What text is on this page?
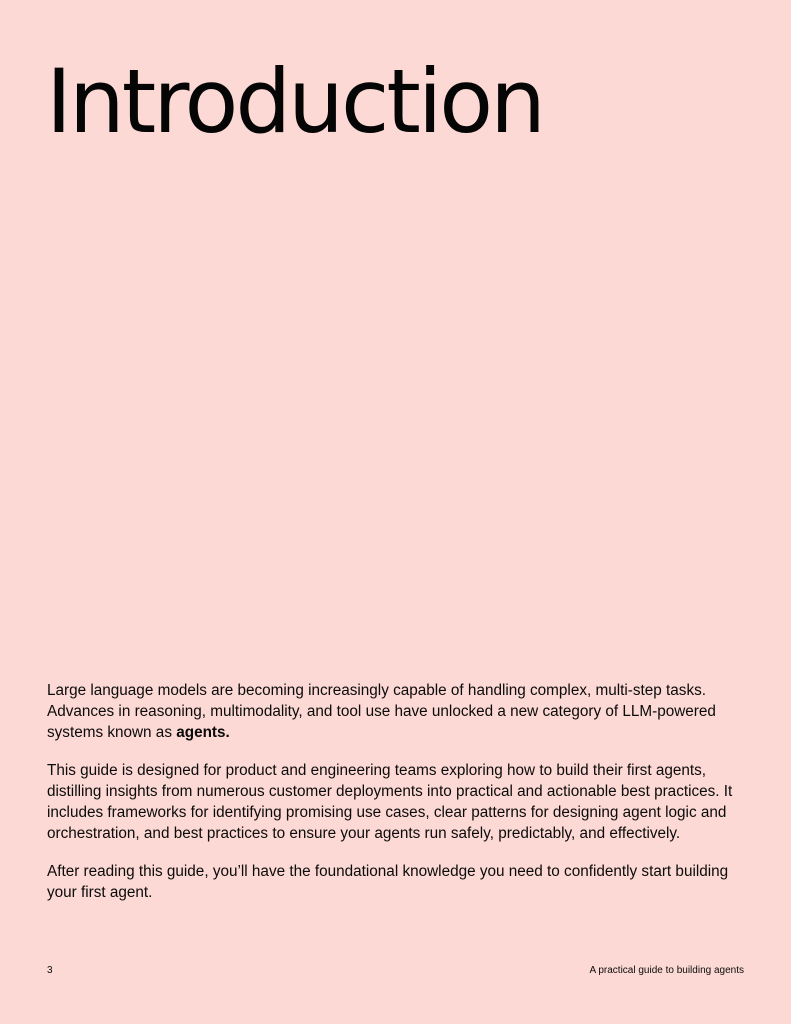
Introduction

Large language models are becoming increasingly capable of handling complex, multi-step tasks. Advances in reasoning, multimodality, and tool use have unlocked a new category of LLM-powered systems known as agents.

This guide is designed for product and engineering teams exploring how to build their first agents, distilling insights from numerous customer deployments into practical and actionable best practices. It includes frameworks for identifying promising use cases, clear patterns for designing agent logic and orchestration, and best practices to ensure your agents run safely, predictably, and effectively.

After reading this guide, you’ll have the foundational knowledge you need to confidently start building your first agent.

3	A practical guide to building agents
